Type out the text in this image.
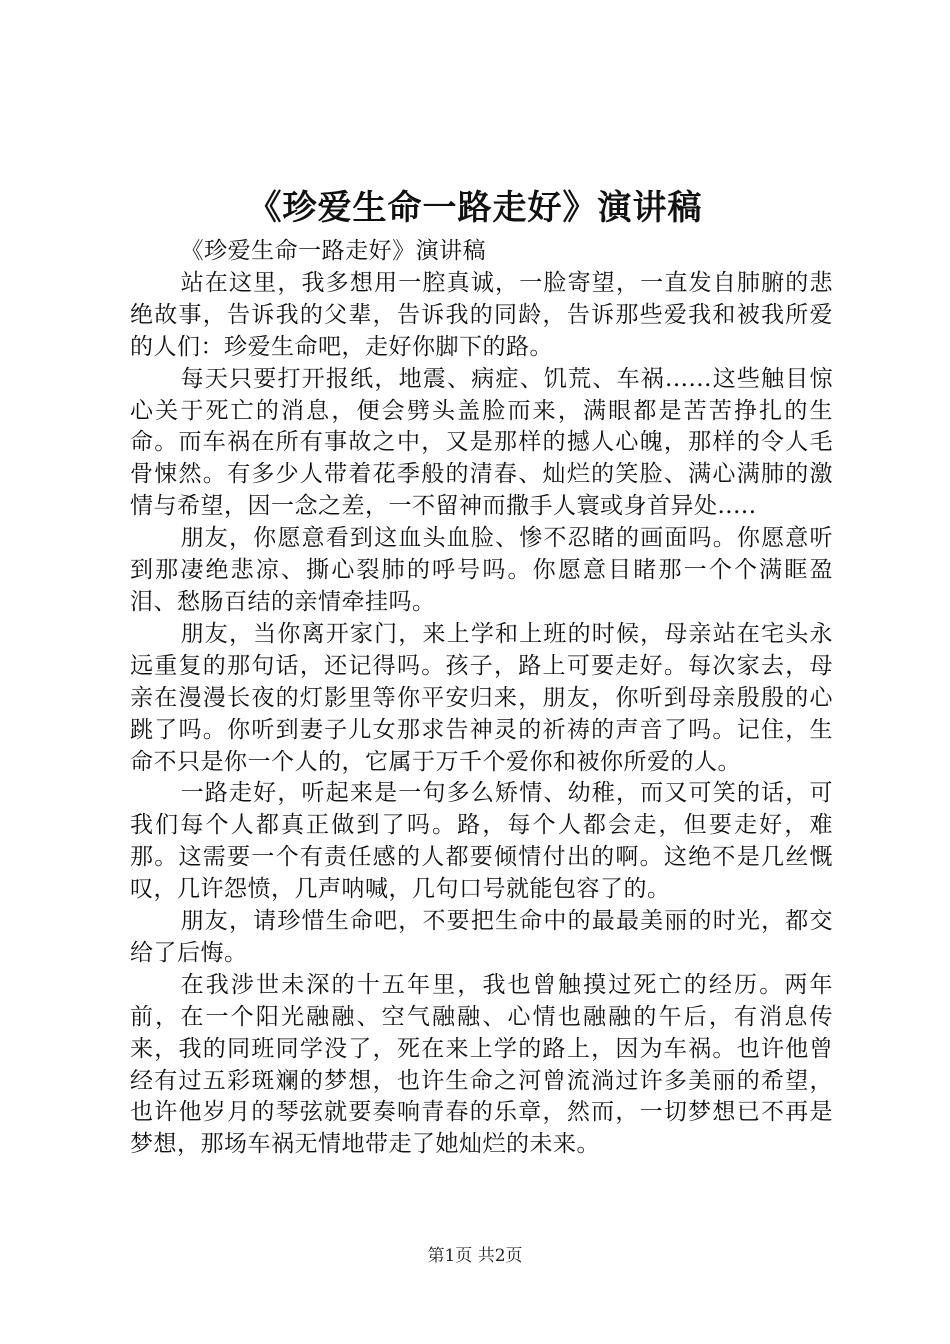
《珍爱生命一路走好》演讲稿

《珍爱生命一路走好》演讲稿

站在这里，我多想用一腔真诚，一脸寄望，一直发自肺腑的悲绝故事，告诉我的父辈，告诉我的同龄，告诉那些爱我和被我所爱的人们：珍爱生命吧，走好你脚下的路。

每天只要打开报纸，地震、病症、饥荒、车祸......这些触目惊心关于死亡的消息，便会劈头盖脸而来，满眼都是苦苦挣扎的生命。而车祸在所有事故之中，又是那样的撼人心魄，那样的令人毛骨悚然。有多少人带着花季般的清春、灿烂的笑脸、满心满肺的激情与希望，因一念之差，一不留神而撒手人寰或身首异处.....

朋友，你愿意看到这血头血脸、惨不忍睹的画面吗。你愿意听到那凄绝悲凉、撕心裂肺的呼号吗。你愿意目睹那一个个满眶盈泪、愁肠百结的亲情牵挂吗。

朋友，当你离开家门，来上学和上班的时候，母亲站在宅头永远重复的那句话，还记得吗。孩子，路上可要走好。每次家去，母亲在漫漫长夜的灯影里等你平安归来，朋友，你听到母亲殷殷的心跳了吗。你听到妻子儿女那求告神灵的祈祷的声音了吗。记住，生命不只是你一个人的，它属于万千个爱你和被你所爱的人。

一路走好，听起来是一句多么矫情、幼稚，而又可笑的话，可我们每个人都真正做到了吗。路，每个人都会走，但要走好，难那。这需要一个有责任感的人都要倾情付出的啊。这绝不是几丝慨叹，几许怨愤，几声呐喊，几句口号就能包容了的。

朋友，请珍惜生命吧，不要把生命中的最最美丽的时光，都交给了后悔。

在我涉世未深的十五年里，我也曾触摸过死亡的经历。两年前，在一个阳光融融、空气融融、心情也融融的午后，有消息传来，我的同班同学没了，死在来上学的路上，因为车祸。也许他曾经有过五彩斑斓的梦想，也许生命之河曾流淌过许多美丽的希望，也许他岁月的琴弦就要奏响青春的乐章，然而，一切梦想已不再是梦想，那场车祸无情地带走了她灿烂的未来。

第1页 共2页
